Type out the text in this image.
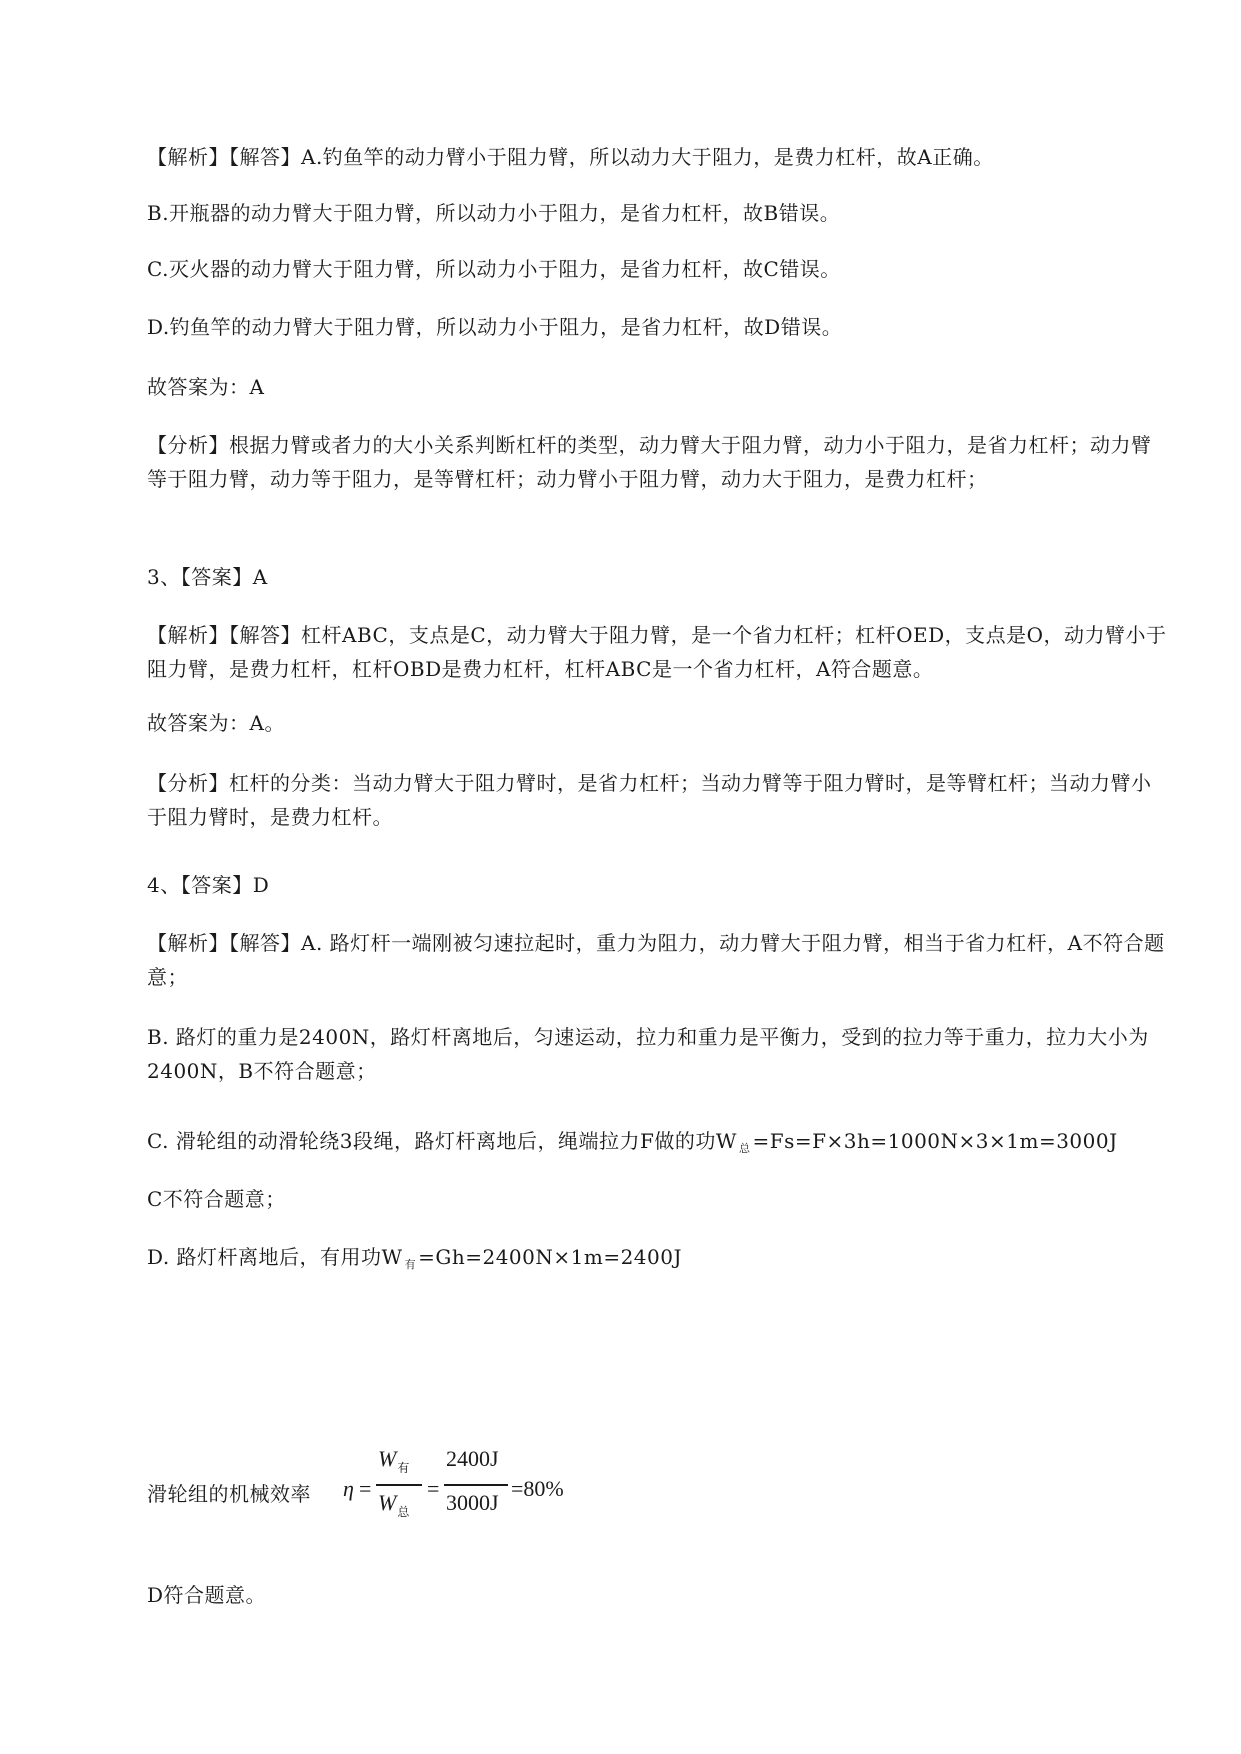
【解析】【解答】A.钓鱼竿的动力臂小于阻力臂，所以动力大于阻力，是费力杠杆，故A正确。

B.开瓶器的动力臂大于阻力臂，所以动力小于阻力，是省力杠杆，故B错误。

C.灭火器的动力臂大于阻力臂，所以动力小于阻力，是省力杠杆，故C错误。

D.钓鱼竿的动力臂大于阻力臂，所以动力小于阻力，是省力杠杆，故D错误。

故答案为：A

【分析】根据力臂或者力的大小关系判断杠杆的类型，动力臂大于阻力臂，动力小于阻力，是省力杠杆；动力臂等于阻力臂，动力等于阻力，是等臂杠杆；动力臂小于阻力臂，动力大于阻力，是费力杠杆；

3、【答案】A

【解析】【解答】杠杆ABC，支点是C，动力臂大于阻力臂，是一个省力杠杆；杠杆OED，支点是O，动力臂小于阻力臂，是费力杠杆，杠杆OBD是费力杠杆，杠杆ABC是一个省力杠杆，A符合题意。

故答案为：A。

【分析】杠杆的分类：当动力臂大于阻力臂时，是省力杠杆；当动力臂等于阻力臂时，是等臂杠杆；当动力臂小于阻力臂时，是费力杠杆。

4、【答案】D

【解析】【解答】A. 路灯杆一端刚被匀速拉起时，重力为阻力，动力臂大于阻力臂，相当于省力杠杆，A不符合题意；

B. 路灯的重力是2400N，路灯杆离地后，匀速运动，拉力和重力是平衡力，受到的拉力等于重力，拉力大小为2400N，B不符合题意；

C. 滑轮组的动滑轮绕3段绳，路灯杆离地后，绳端拉力F做的功W $_总$ =Fs=F×3h=1000N×3×1m=3000J

C不符合题意；

D. 路灯杆离地后，有用功W $_有$ =Gh=2400N×1m=2400J

滑轮组的机械效率 η =
$W_有$
$W_总$
=
2400J
3000J
=80%

D符合题意。
